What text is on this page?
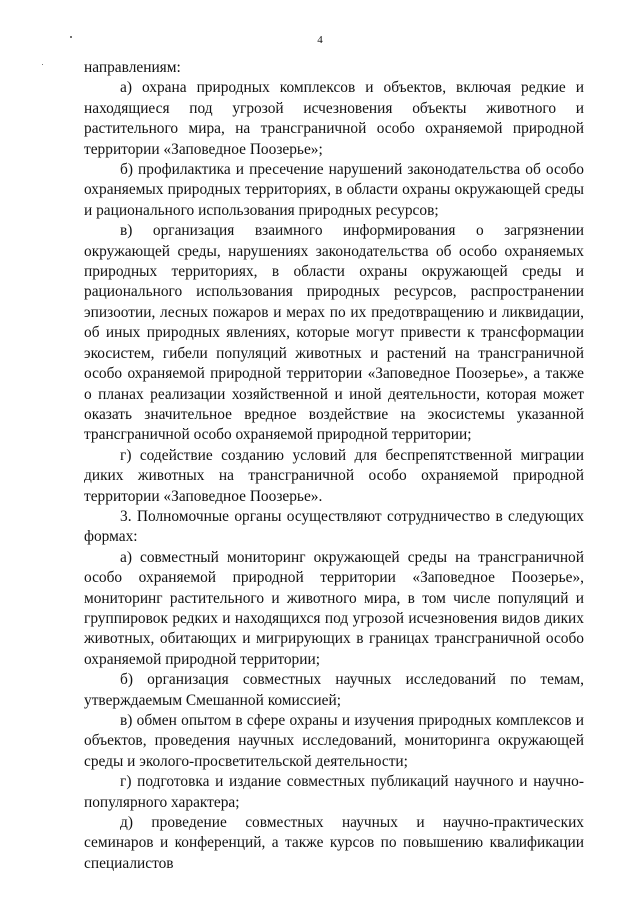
4

направлениям:

а) охрана природных комплексов и объектов, включая редкие и находящиеся под угрозой исчезновения объекты животного и растительного мира, на трансграничной особо охраняемой природной территории «Заповедное Поозерье»;

б) профилактика и пресечение нарушений законодательства об особо охраняемых природных территориях, в области охраны окружающей среды и рационального использования природных ресурсов;

в) организация взаимного информирования о загрязнении окружающей среды, нарушениях законодательства об особо охраняемых природных территориях, в области охраны окружающей среды и рационального использования природных ресурсов, распространении эпизоотии, лесных пожаров и мерах по их предотвращению и ликвидации, об иных природных явлениях, которые могут привести к трансформации экосистем, гибели популяций животных и растений на трансграничной особо охраняемой природной территории «Заповедное Поозерье», а также о планах реализации хозяйственной и иной деятельности, которая может оказать значительное вредное воздействие на экосистемы указанной трансграничной особо охраняемой природной территории;

г) содействие созданию условий для беспрепятственной миграции диких животных на трансграничной особо охраняемой природной территории «Заповедное Поозерье».

3. Полномочные органы осуществляют сотрудничество в следующих формах:

а) совместный мониторинг окружающей среды на трансграничной особо охраняемой природной территории «Заповедное Поозерье», мониторинг растительного и животного мира, в том числе популяций и группировок редких и находящихся под угрозой исчезновения видов диких животных, обитающих и мигрирующих в границах трансграничной особо охраняемой природной территории;

б) организация совместных научных исследований по темам, утверждаемым Смешанной комиссией;

в) обмен опытом в сфере охраны и изучения природных комплексов и объектов, проведения научных исследований, мониторинга окружающей среды и эколого-просветительской деятельности;

г) подготовка и издание совместных публикаций научного и научно-популярного характера;

д) проведение совместных научных и научно-практических семинаров и конференций, а также курсов по повышению квалификации специалистов
